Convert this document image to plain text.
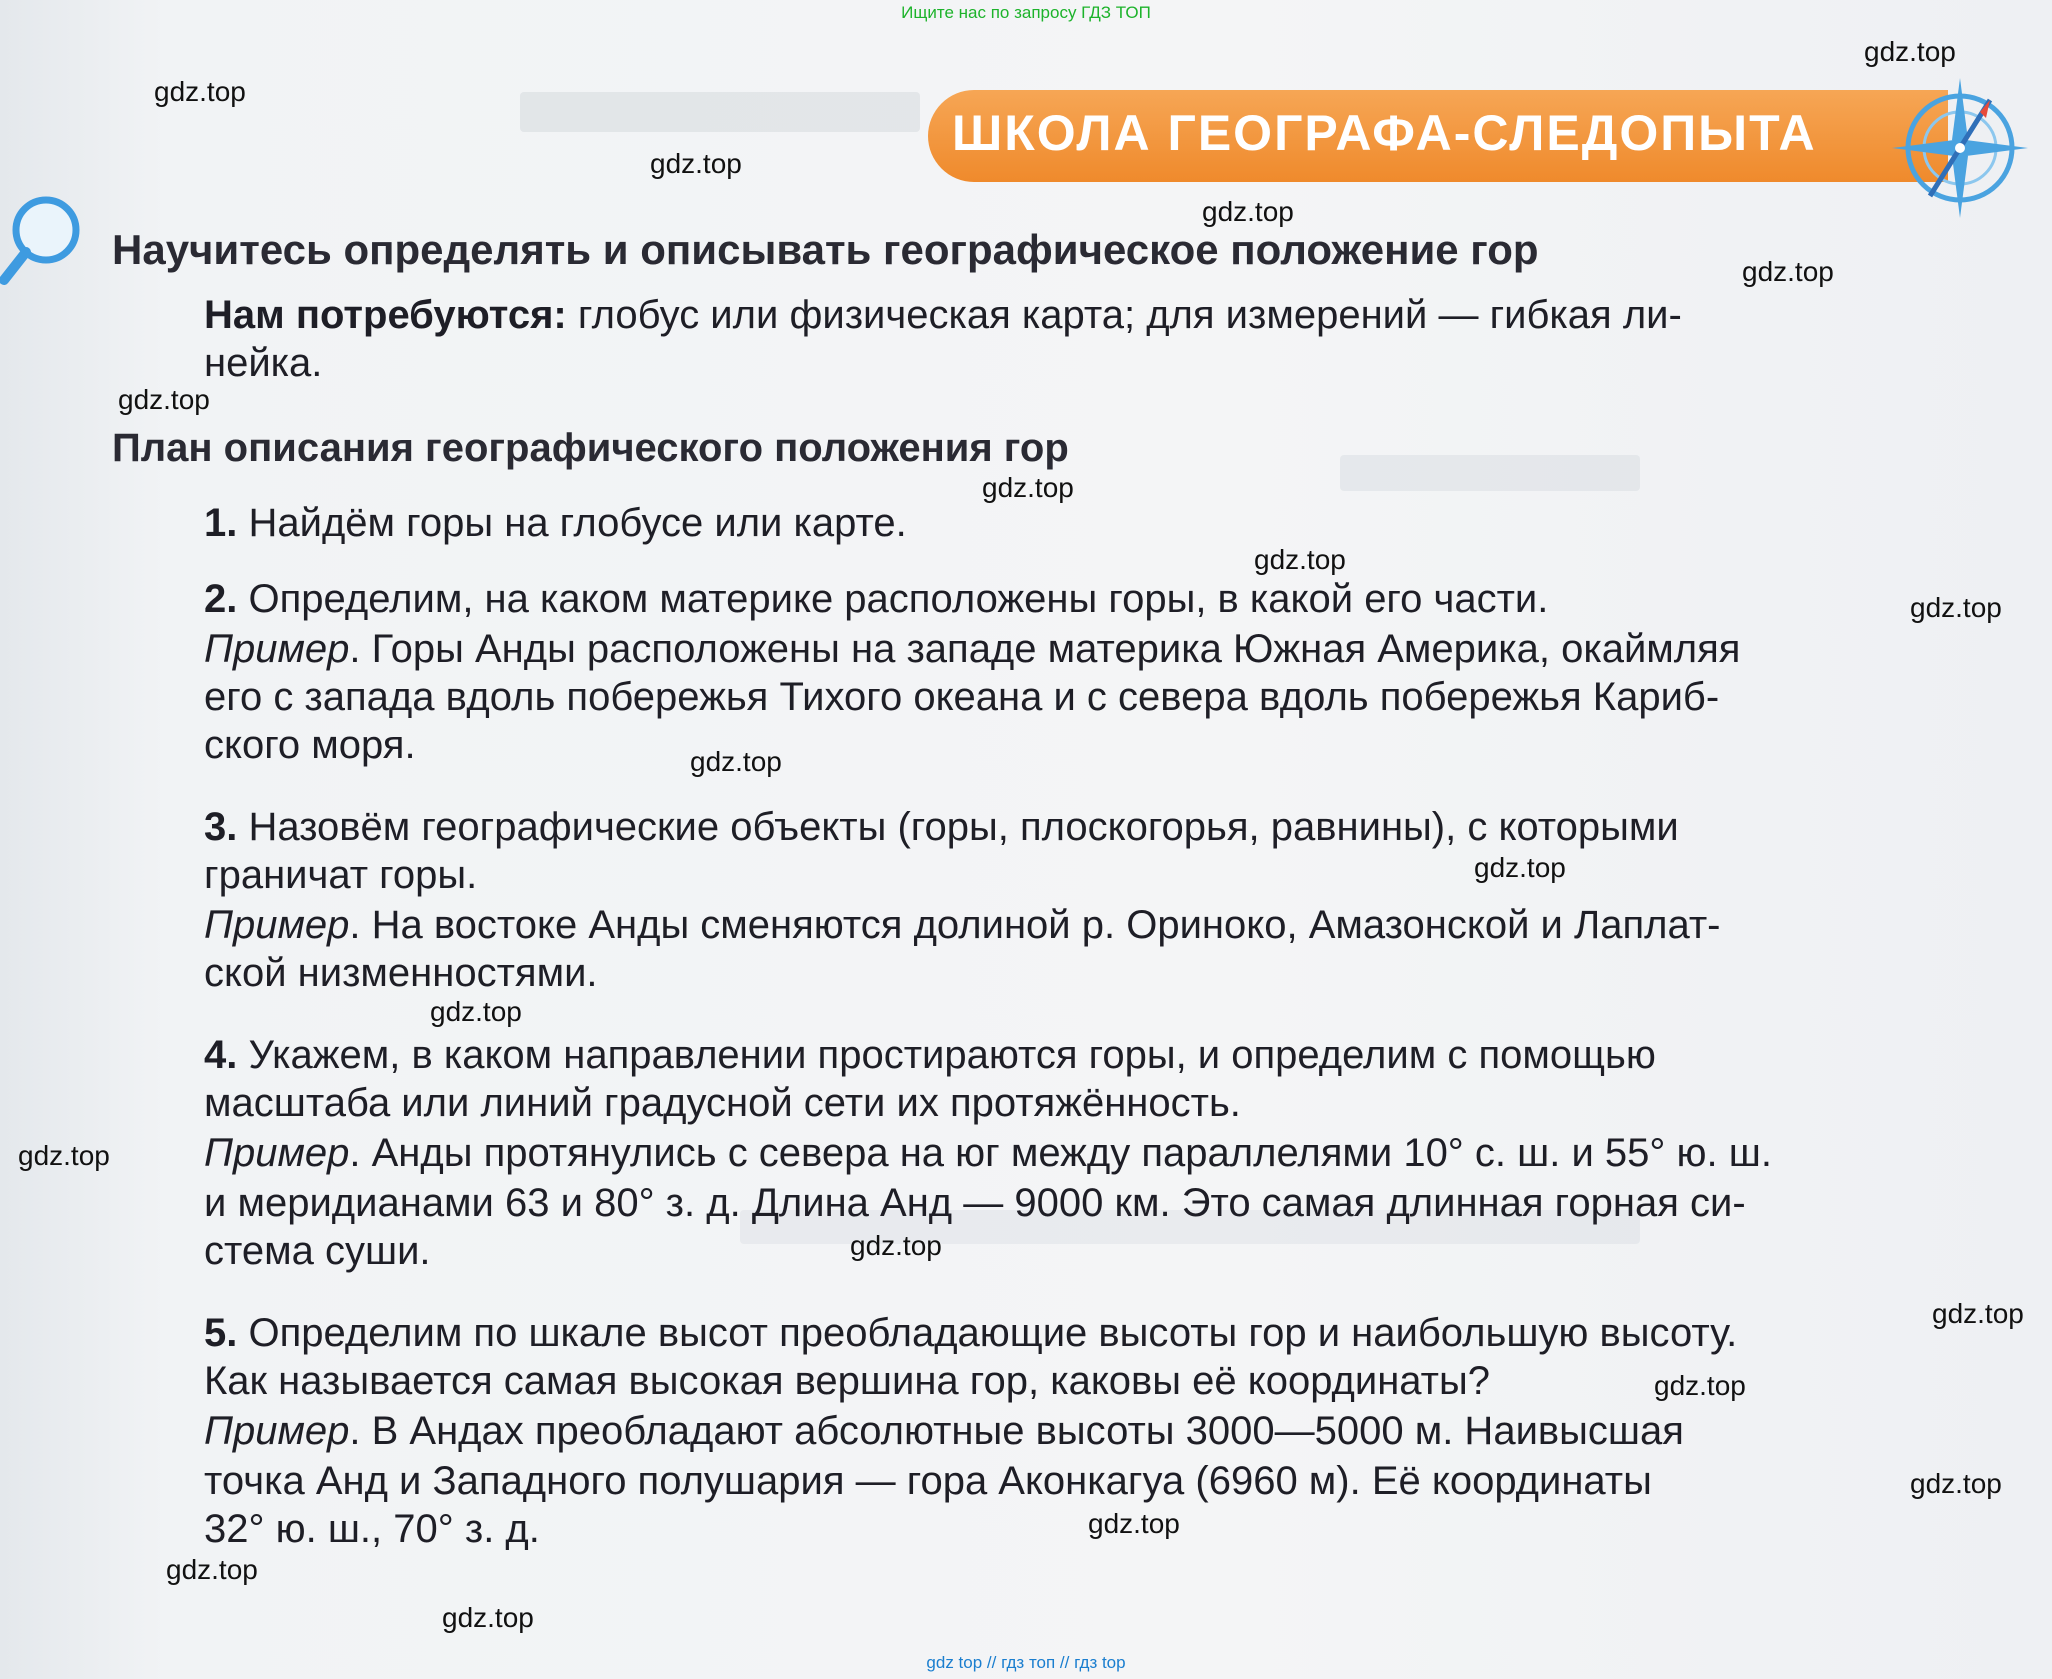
Ищите нас по запросу ГДЗ ТОП
ШКОЛА ГЕОГРАФА-СЛЕДОПЫТА
Научитесь определять и описывать географическое положение гор
Нам потребуются: глобус или физическая карта; для измерений — гибкая ли-
нейка.
План описания географического положения гор
1. Найдём горы на глобусе или карте.
2. Определим, на каком материке расположены горы, в какой его части.
Пример. Горы Анды расположены на западе материка Южная Америка, окаймляя
его с запада вдоль побережья Тихого океана и с севера вдоль побережья Кариб-
ского моря.
3. Назовём географические объекты (горы, плоскогорья, равнины), с которыми
граничат горы.
Пример. На востоке Анды сменяются долиной р. Ориноко, Амазонской и Лаплат-
ской низменностями.
4. Укажем, в каком направлении простираются горы, и определим с помощью
масштаба или линий градусной сети их протяжённость.
Пример. Анды протянулись с севера на юг между параллелями 10° с. ш. и 55° ю. ш.
и меридианами 63 и 80° з. д. Длина Анд — 9000 км. Это самая длинная горная си-
стема суши.
5. Определим по шкале высот преобладающие высоты гор и наибольшую высоту.
Как называется самая высокая вершина гор, каковы её координаты?
Пример. В Андах преобладают абсолютные высоты 3000—5000 м. Наивысшая
точка Анд и Западного полушария — гора Аконкагуа (6960 м). Её координаты
32° ю. ш., 70° з. д.
gdz.top
gdz.top
gdz.top
gdz.top
gdz.top
gdz.top
gdz.top
gdz.top
gdz.top
gdz.top
gdz.top
gdz.top
gdz.top
gdz.top
gdz.top
gdz.top
gdz.top
gdz.top
gdz.top
gdz.top
gdz top // гдз топ // гдз top
